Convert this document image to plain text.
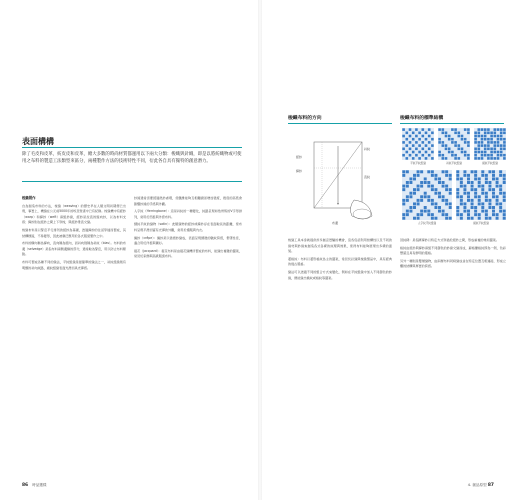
表面構構
除了毛皮和皮革，紡皮皮和皮革，總大多數的時尚材質都運用以下兩大分類：梭織與針織，即是以將紡織物或可使用之布料的製造工法類型來區分，兩種製作方法的技術特性不同，衍此各自具有獨特的創意潛力。
梭織製作

自為割造市料的方法，梭織（weaving）的歷史早在人類文明初期便已出現，事實上，機織在公元前5000年的埃及壁畫中已有紀錄。梭織機中有經紗（warp）和緯紗（weft）兩組紗線，經紗是拉直的縱向紗，以為布料支撐；緯紗則在經紗之間上下穿梭，與經紗垂直交織。

梭織布料是以緊密平行排列的經紗為基礎，透過緯紗的往返穿插而製成，其結構穩固，不易變形，因此被廣泛應用於各式服裝製作之中。

布料的橫向稱為緯向，直向稱為經向，而斜向則稱為斜紋（bias）。布料的布邊（selvedge）是指布料兩側邊緣的部分，通常較為緊密，用以防止布料鬆脫。

布料可製成各種不同的織法，平紋組織是最簡單的織法之一，斜紋組織則有明顯的斜向紋路，緞紋組織表面光滑而具光澤感。

紗線通常需要經過撚紗處理，使纖維能夠互相纏繞而增加強度，撚度的高低會影響紗線的手感與外觀。

入字紋（Herringbone）：這是斜紋的一種變化，紋路呈現如魚骨般的V字形排列，常用於西裝與外套布料。

細紋平紋的織物（satin）：此類織物的經紗或緯紗浮在表面較長的距離，使布料呈現平滑而富有光澤的外觀，常用於禮服與內衣。

縐紗（crêpe）：縐紗是以強撚紗織成，表面呈現細微的皺紋質感，垂墜性佳，適合用於洋裝與襯衫。

提花（jacquard）：提花布料是由提花織機所製成的布料，能織出複雜的圖案，常見於家飾與高級服裝布料。

86 時品選樣
梭織布料的方向	梭織布料的標準結構
經紗
緯紗
斜紋
直紋
布邊
平紋平紋組織	斜紋平紋組織	緞紋平紋組織
人字紋平紋組織	緞紋平紋組織

梭織工具本身就提供許多創意實驗的機會，這些包括利用結構性以及不同的線材與紗線來創造各式各樣的紋理與效果，使得布料能夠展現出多樣的面貌。

菱格紋：布料以菱形格紋為主的圖案，常見於針織與梭織製品中，具有經典的復古風格。

織法可以透過不同的組合方式來變化，例如在平紋組織中加入不同顏色的紗線，便能織出條紋或格紋等圖案。

回紋樣：是指將緯紗以特定方式穿插於經紗之間，形成重複的幾何圖案。

格紋由經紗與緯紗兩組不同顏色的紗線交織而成，蘇格蘭格紋即為一例，色彩豐富且具有鮮明的風格。

另外一種則是雙層織物，由兩層布料同時織成並在特定位置互相連接，形成立體的結構與厚實的質感。

4. 創品原型 87
